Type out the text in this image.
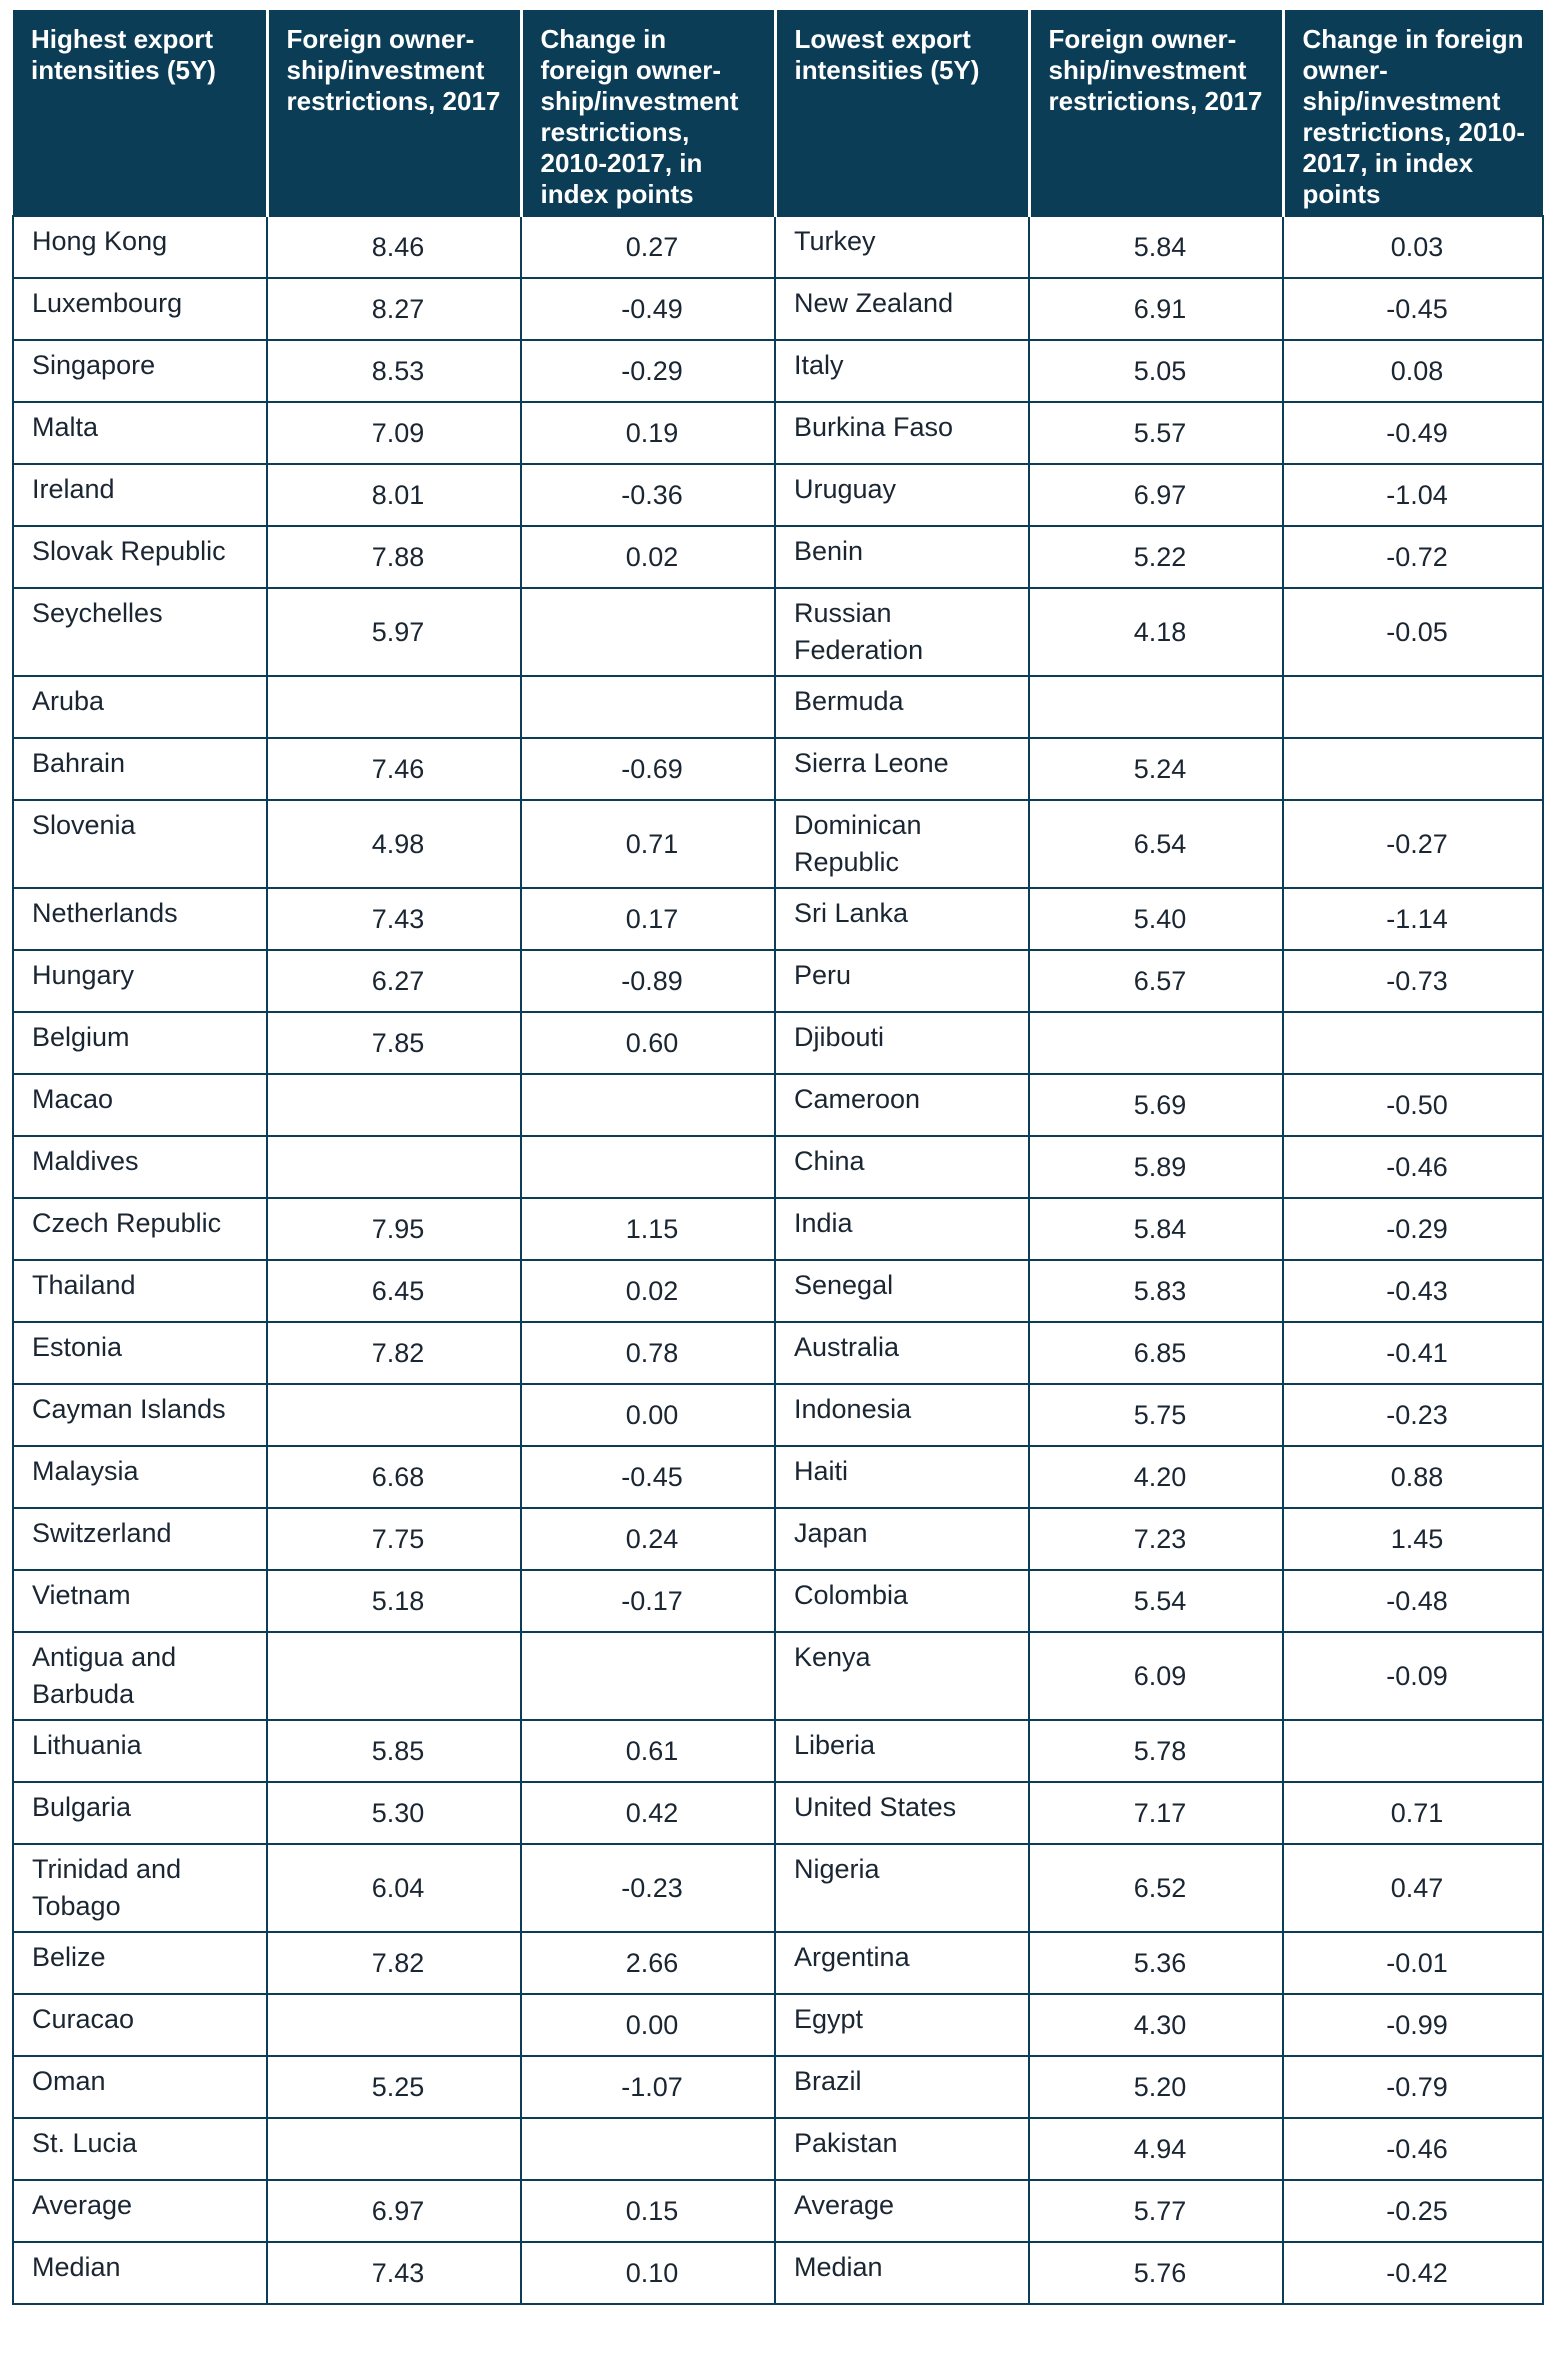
Highest export intensities (5Y)	Foreign owner-ship/investment restrictions, 2017	Change in foreign owner-ship/investment restrictions, 2010-2017, in index points	Lowest export intensities (5Y)	Foreign owner-ship/investment restrictions, 2017	Change in foreign owner-ship/investment restrictions, 2010-2017, in index points
Hong Kong	8.46	0.27	Turkey	5.84	0.03
Luxembourg	8.27	-0.49	New Zealand	6.91	-0.45
Singapore	8.53	-0.29	Italy	5.05	0.08
Malta	7.09	0.19	Burkina Faso	5.57	-0.49
Ireland	8.01	-0.36	Uruguay	6.97	-1.04
Slovak Republic	7.88	0.02	Benin	5.22	-0.72
Seychelles	5.97		Russian Federation	4.18	-0.05
Aruba			Bermuda		
Bahrain	7.46	-0.69	Sierra Leone	5.24	
Slovenia	4.98	0.71	Dominican Republic	6.54	-0.27
Netherlands	7.43	0.17	Sri Lanka	5.40	-1.14
Hungary	6.27	-0.89	Peru	6.57	-0.73
Belgium	7.85	0.60	Djibouti		
Macao			Cameroon	5.69	-0.50
Maldives			China	5.89	-0.46
Czech Republic	7.95	1.15	India	5.84	-0.29
Thailand	6.45	0.02	Senegal	5.83	-0.43
Estonia	7.82	0.78	Australia	6.85	-0.41
Cayman Islands		0.00	Indonesia	5.75	-0.23
Malaysia	6.68	-0.45	Haiti	4.20	0.88
Switzerland	7.75	0.24	Japan	7.23	1.45
Vietnam	5.18	-0.17	Colombia	5.54	-0.48
Antigua and Barbuda			Kenya	6.09	-0.09
Lithuania	5.85	0.61	Liberia	5.78	
Bulgaria	5.30	0.42	United States	7.17	0.71
Trinidad and Tobago	6.04	-0.23	Nigeria	6.52	0.47
Belize	7.82	2.66	Argentina	5.36	-0.01
Curacao		0.00	Egypt	4.30	-0.99
Oman	5.25	-1.07	Brazil	5.20	-0.79
St. Lucia			Pakistan	4.94	-0.46
Average	6.97	0.15	Average	5.77	-0.25
Median	7.43	0.10	Median	5.76	-0.42
